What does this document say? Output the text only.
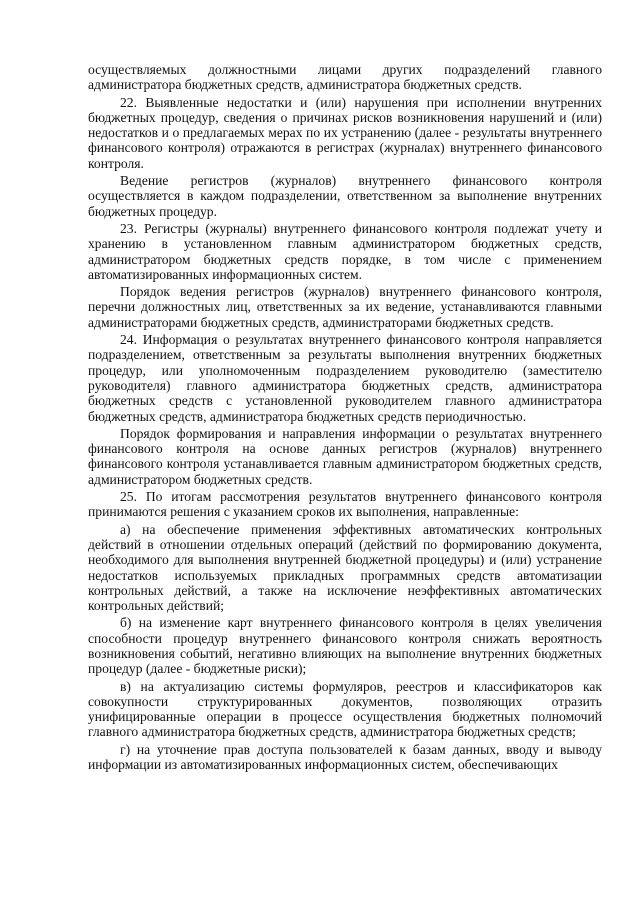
осуществляемых должностными лицами других подразделений главного администратора бюджетных средств, администратора бюджетных средств.

22. Выявленные недостатки и (или) нарушения при исполнении внутренних бюджетных процедур, сведения о причинах рисков возникновения нарушений и (или) недостатков и о предлагаемых мерах по их устранению (далее - результаты внутреннего финансового контроля) отражаются в регистрах (журналах) внутреннего финансового контроля.

Ведение регистров (журналов) внутреннего финансового контроля осуществляется в каждом подразделении, ответственном за выполнение внутренних бюджетных процедур.

23. Регистры (журналы) внутреннего финансового контроля подлежат учету и хранению в установленном главным администратором бюджетных средств, администратором бюджетных средств порядке, в том числе с применением автоматизированных информационных систем.

Порядок ведения регистров (журналов) внутреннего финансового контроля, перечни должностных лиц, ответственных за их ведение, устанавливаются главными администраторами бюджетных средств, администраторами бюджетных средств.

24. Информация о результатах внутреннего финансового контроля направляется подразделением, ответственным за результаты выполнения внутренних бюджетных процедур, или уполномоченным подразделением руководителю (заместителю руководителя) главного администратора бюджетных средств, администратора бюджетных средств с установленной руководителем главного администратора бюджетных средств, администратора бюджетных средств периодичностью.

Порядок формирования и направления информации о результатах внутреннего финансового контроля на основе данных регистров (журналов) внутреннего финансового контроля устанавливается главным администратором бюджетных средств, администратором бюджетных средств.

25. По итогам рассмотрения результатов внутреннего финансового контроля принимаются решения с указанием сроков их выполнения, направленные:

а) на обеспечение применения эффективных автоматических контрольных действий в отношении отдельных операций (действий по формированию документа, необходимого для выполнения внутренней бюджетной процедуры) и (или) устранение недостатков используемых прикладных программных средств автоматизации контрольных действий, а также на исключение неэффективных автоматических контрольных действий;

б) на изменение карт внутреннего финансового контроля в целях увеличения способности процедур внутреннего финансового контроля снижать вероятность возникновения событий, негативно влияющих на выполнение внутренних бюджетных процедур (далее - бюджетные риски);

в) на актуализацию системы формуляров, реестров и классификаторов как совокупности структурированных документов, позволяющих отразить унифицированные операции в процессе осуществления бюджетных полномочий главного администратора бюджетных средств, администратора бюджетных средств;

г) на уточнение прав доступа пользователей к базам данных, вводу и выводу информации из автоматизированных информационных систем, обеспечивающих
